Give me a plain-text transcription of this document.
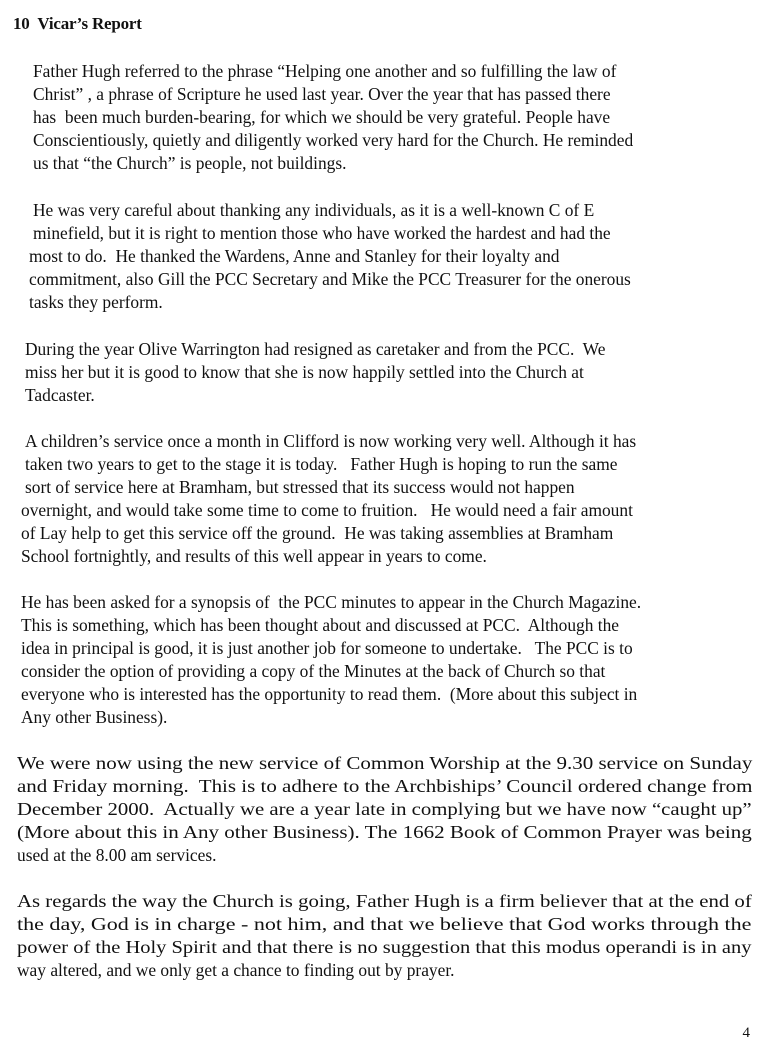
10  Vicar’s Report
Father Hugh referred to the phrase “Helping one another and so fulfilling the law of
Christ” , a phrase of Scripture he used last year. Over the year that has passed there
has  been much burden-bearing, for which we should be very grateful. People have
Conscientiously, quietly and diligently worked very hard for the Church. He reminded
us that “the Church” is people, not buildings.
He was very careful about thanking any individuals, as it is a well-known C of E
minefield, but it is right to mention those who have worked the hardest and had the
most to do.  He thanked the Wardens, Anne and Stanley for their loyalty and
commitment, also Gill the PCC Secretary and Mike the PCC Treasurer for the onerous
tasks they perform.
During the year Olive Warrington had resigned as caretaker and from the PCC.  We
miss her but it is good to know that she is now happily settled into the Church at
Tadcaster.
A children’s service once a month in Clifford is now working very well. Although it has
taken two years to get to the stage it is today.   Father Hugh is hoping to run the same
sort of service here at Bramham, but stressed that its success would not happen
overnight, and would take some time to come to fruition.   He would need a fair amount
of Lay help to get this service off the ground.  He was taking assemblies at Bramham
School fortnightly, and results of this well appear in years to come.
He has been asked for a synopsis of  the PCC minutes to appear in the Church Magazine.
This is something, which has been thought about and discussed at PCC.  Although the
idea in principal is good, it is just another job for someone to undertake.   The PCC is to
consider the option of providing a copy of the Minutes at the back of Church so that
everyone who is interested has the opportunity to read them.  (More about this subject in
Any other Business).
We were now using the new service of Common Worship at the 9.30 service on Sunday
and Friday morning.  This is to adhere to the Archbiships’ Council ordered change from
December 2000.  Actually we are a year late in complying but we have now “caught up”
(More about this in Any other Business). The 1662 Book of Common Prayer was being
used at the 8.00 am services.
As regards the way the Church is going, Father Hugh is a firm believer that at the end of
the day, God is in charge - not him, and that we believe that God works through the
power of the Holy Spirit and that there is no suggestion that this modus operandi is in any
way altered, and we only get a chance to finding out by prayer.
4
